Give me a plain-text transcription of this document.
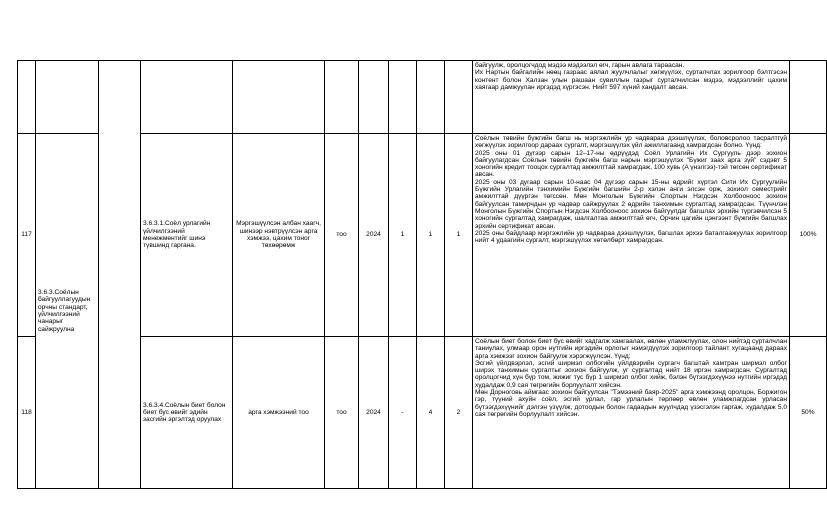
										байгуулж, оролцогчдод мэдээ мэдээлэл өгч, гарын авлага тараасан.
Их Нартын байгалийн нөөц газрааc аялал жуулчлалыг хөгжүүлэх, сурталчлах зорилгоор бэлтгэсэн контент болон Халзан улын рашаан сувиллын газрыг сурталчилсан мэдээ, мэдээллийг цахим хаягаар дамжуулан иргэдэд хүргэсэн. Нийт 597 хүний хандалт авсан.	

117	3.6.3.Соёлын байгууллагуудын орчны стандарт, үйлчилгээний чанарыг сайжруулна		3.6.3.1.Соёл урлагийн үйлчилгээний менежментийг шинэ түвшинд гаргана.	Мэргэшүүлсэн албан хаагч, шинээр нэвтрүүлсэн арга хэмжээ, цахим тоног төхөөрөмж	тоо	2024	1	1	1	Соёлын төвийн бүжгийн багш нь мэргэжлийн ур чадвараа дээшлүүлэх, боловсролоо тасралтгүй хөгжүүлэх зорилгоор дараах сургалт, мэргэшүүлэх үйл ажиллагаанд хамрагдсан болно. Үүнд:
2025 оны 01 дүгээр сарын 12–17-ны өдрүүдэд Соёл Урлагийн Их Сургууль дээр зохион байгуулагдсан Соёлын төвийн бүжгийн багш нарын мэргэшүүлэх "Бүжиг заах арга зүй" сэдэвт 5 хоногийн кредит тооцох сургалтад амжилттай хамрагдаж, 100 хувь (A үнэлгээ)-тэй төгсөн сертификат авсан.
2025 оны 03 дугаар сарын 10-наас 04 дүгээр сарын 15-ны өдрийг хүртэл Сити Их Сургуулийн Бүжгийн Урлагийн тэнхимийн Бүжгийн багшийн 2-р хэлэн анги элсэн орж, зохиол семестрийг амжилттай дүүргэн төгссөн. Мөн Монголын Бүжгийн Спортын Нэгдсэн Холбооноос зохион байгуулсан тамирчдын ур чадвар сайжруулах 2 өдрийн танхимын сургалтад хамрагдсан. Түүнчлэн Монголын Бүжгийн Спортын Нэгдсэн Холбооноос зохион байгуулдаг багшлах эрхийн түргэвчилсэн 5 хоногийн сургалтад хамрагдаж, шалгалтаа амжилттай өгч, Орчин цагийн цэнгээнт бүжгийн багшлах эрхийн сертификат авсан.
2025 оны байдлаар мэргэжлийн ур чадвараа дээшлүүлэх, багшлах эрхээ баталгаажуулах зорилгоор нийт 4 удаагийн сургалт, мэргэшүүлэх хөтөлбөрт хамрагдсан.	100%
118			3.6.3.4.Соёлын биет болон биет бус өвийг эдийн засгийн эргэлтэд оруулах	арга хэмжээний тоо	тоо	2024	-	4	2	Соёлын биет болон биет бус өвийг хадгалж хамгаалах, өвлөн уламжлуулах, олон нийтэд сурталчлан таниулах, улмаар орон нутгийн иргэдийн орлогыг нэмэгдүүлэх зорилгоор тайлант хугацаанд дараах арга хэмжээг зохион байгуулж хэрэгжүүлсэн. Үүнд:
Эсгий үйлдвэрлэл, эсгий ширмэл олбогийн үйлдвэрийн сургагч багштай хамтран ширмэл олбог ширэх танхимын сургалтыг зохион байгуулж, уг сургалтад нийт 18 иргэн хамрагдсан. Сургалтад оролцогчид хүн бүр том, жижиг тус бүр 1 ширмэл олбог хийж, бэлэн бүтээгдэхүүнээ нутгийн иргэдэд худалдаж 0,9 сая төгрөгийн борлуулалт хийсэн.
Мөн Дорноговь аймгаас зохион байгуулсан "Тэмээний баяр-2025" арга хэмжээнд оролцон, Боржигон гэр, түүний ахуйн соёл, эсгий урлал, гар урлалын төрлөөр өвлөн уламжлагдсан урласан бүтээгдэхүүнийг дэлгэн үзүүлж, дотоодын болон гадаадын жуулчдад үзэсгэлэн гаргаж, худалдаж 5,0 сая төгрөгийн борлуулалт хийсэн.	50%
